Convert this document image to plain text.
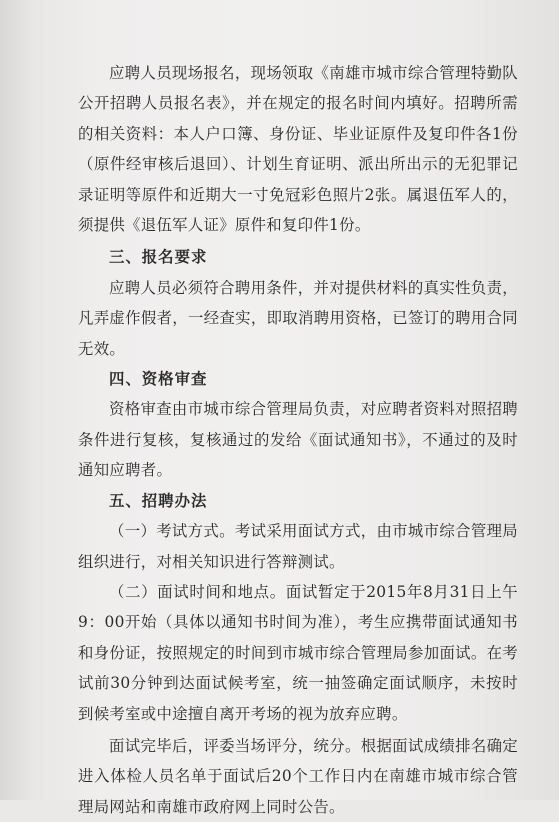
应聘人员现场报名，现场领取《南雄市城市综合管理特勤队公开招聘人员报名表》，并在规定的报名时间内填好。招聘所需的相关资料：本人户口簿、身份证、毕业证原件及复印件各1份（原件经审核后退回）、计划生育证明、派出所出示的无犯罪记录证明等原件和近期大一寸免冠彩色照片2张。属退伍军人的，须提供《退伍军人证》原件和复印件1份。

三、报名要求

应聘人员必须符合聘用条件，并对提供材料的真实性负责，凡弄虚作假者，一经查实，即取消聘用资格，已签订的聘用合同无效。

四、资格审查

资格审查由市城市综合管理局负责，对应聘者资料对照招聘条件进行复核，复核通过的发给《面试通知书》，不通过的及时通知应聘者。

五、招聘办法

（一）考试方式。考试采用面试方式，由市城市综合管理局组织进行，对相关知识进行答辩测试。

（二）面试时间和地点。面试暂定于2015年8月31日上午9：00开始（具体以通知书时间为准），考生应携带面试通知书和身份证，按照规定的时间到市城市综合管理局参加面试。在考试前30分钟到达面试候考室，统一抽签确定面试顺序，未按时到候考室或中途擅自离开考场的视为放弃应聘。

面试完毕后，评委当场评分，统分。根据面试成绩排名确定进入体检人员名单于面试后20个工作日内在南雄市城市综合管理局网站和南雄市政府网上同时公告。
